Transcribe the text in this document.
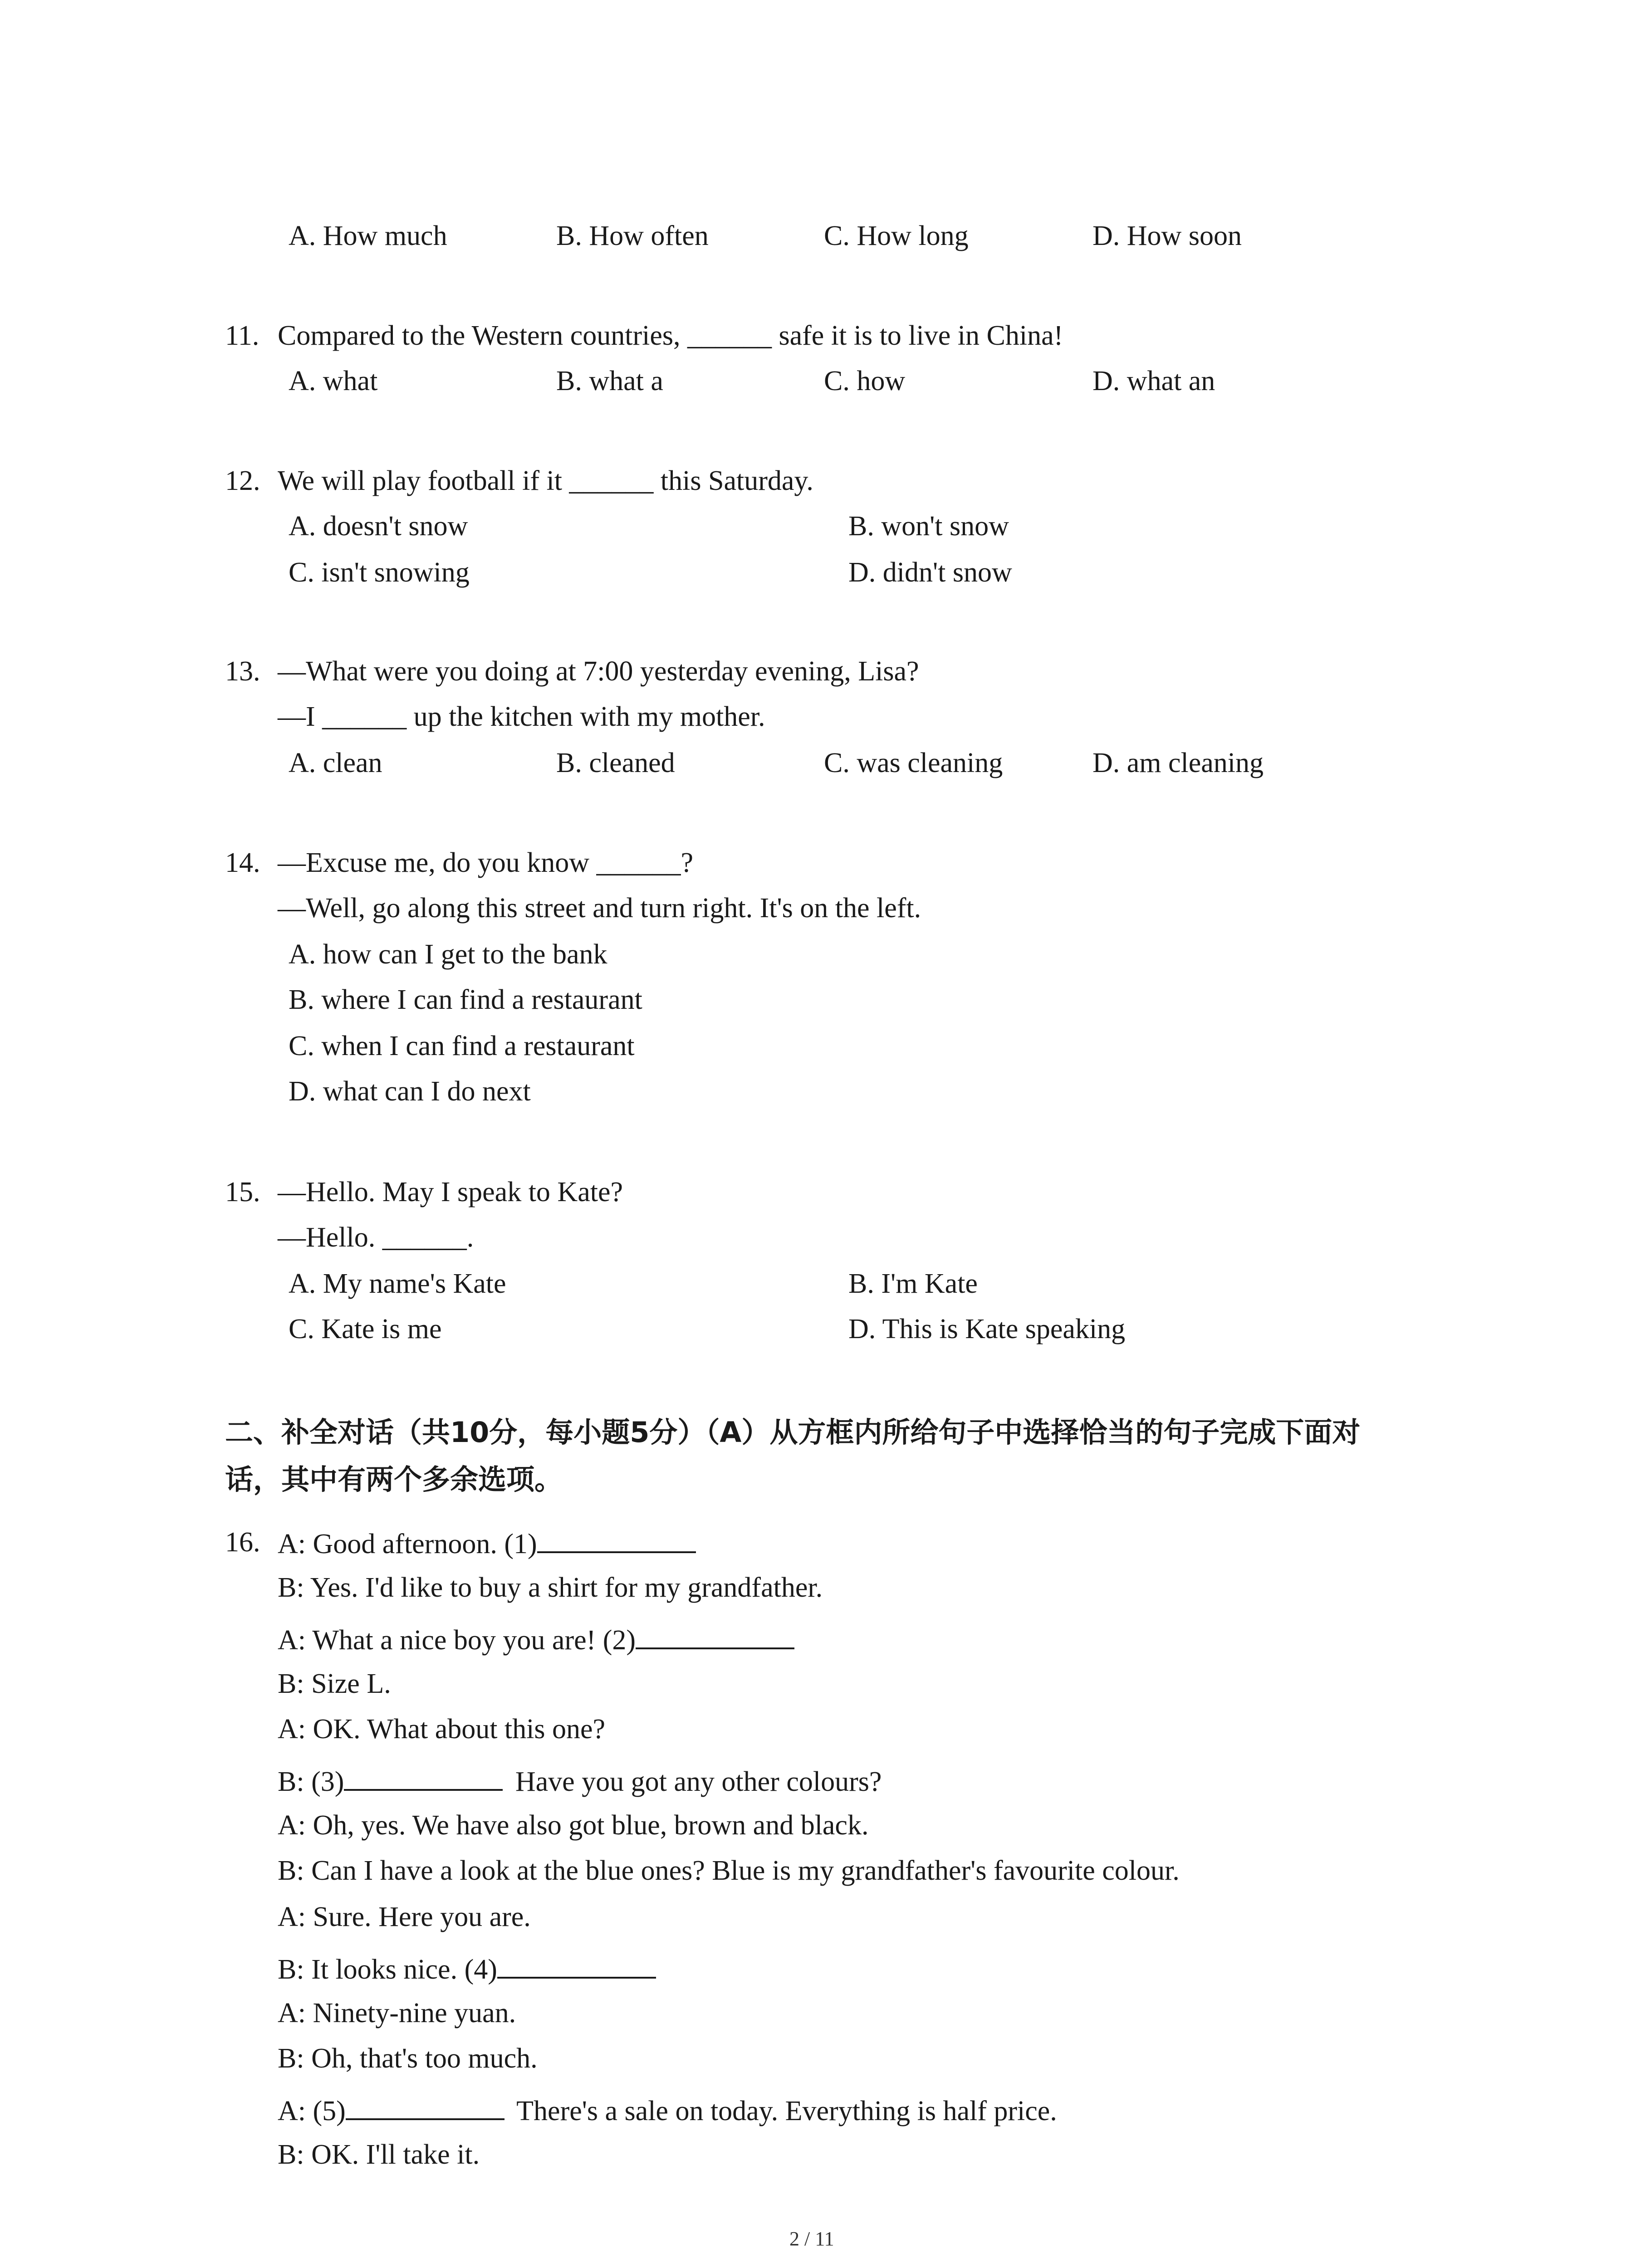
A. How much	B. How often	C. How long	D. How soon
11. Compared to the Western countries, ______ safe it is to live in China!
A. what	B. what a	C. how	D. what an
12. We will play football if it ______ this Saturday.
A. doesn't snow	B. won't snow
C. isn't snowing	D. didn't snow
13. —What were you doing at 7:00 yesterday evening, Lisa?
—I ______ up the kitchen with my mother.
A. clean	B. cleaned	C. was cleaning	D. am cleaning
14. —Excuse me, do you know ______?
—Well, go along this street and turn right. It's on the left.
A. how can I get to the bank
B. where I can find a restaurant
C. when I can find a restaurant
D. what can I do next
15. —Hello. May I speak to Kate?
—Hello. ______.
A. My name's Kate	B. I'm Kate
C. Kate is me	D. This is Kate speaking
二、补全对话（共10分，每小题5分）（A）从方框内所给句子中选择恰当的句子完成下面对
话，其中有两个多余选项。
16. A: Good afternoon. (1)
B: Yes. I'd like to buy a shirt for my grandfather.
A: What a nice boy you are! (2)
B: Size L.
A: OK. What about this one?
B: (3)	Have you got any other colours?
A: Oh, yes. We have also got blue, brown and black.
B: Can I have a look at the blue ones? Blue is my grandfather's favourite colour.
A: Sure. Here you are.
B: It looks nice. (4)
A: Ninety-nine yuan.
B: Oh, that's too much.
A: (5)	There's a sale on today. Everything is half price.
B: OK. I'll take it.
2 / 11
